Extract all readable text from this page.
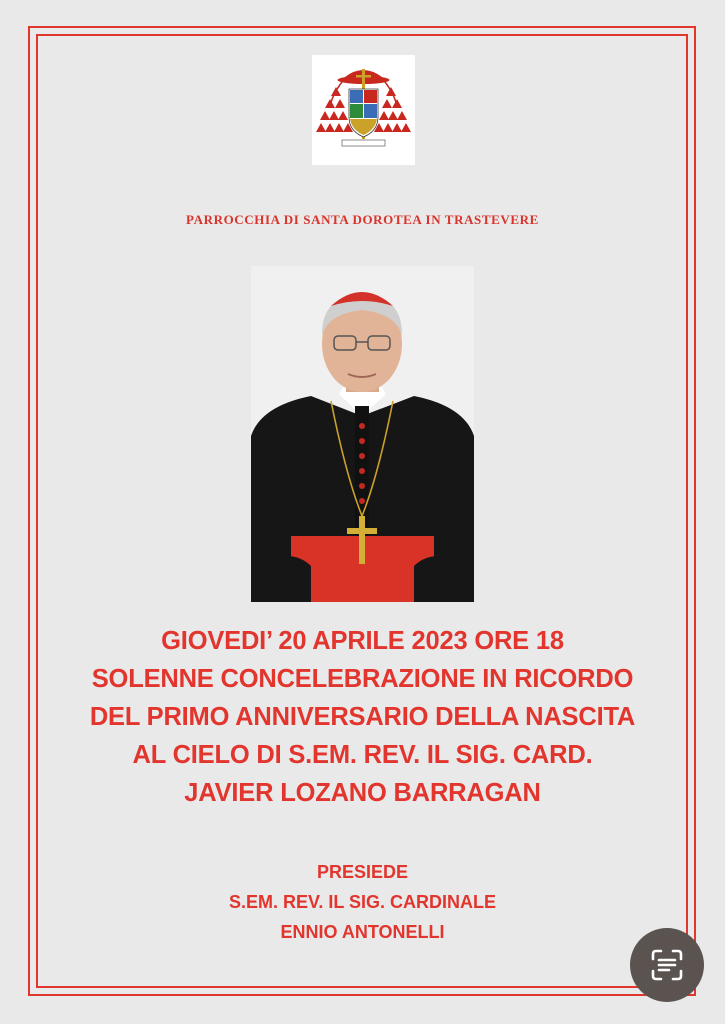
PARROCCHIA DI SANTA DOROTEA IN TRASTEVERE
GIOVEDI’ 20 APRILE 2023 ORE 18
SOLENNE CONCELEBRAZIONE IN RICORDO
DEL PRIMO ANNIVERSARIO DELLA NASCITA
AL CIELO DI S.EM. REV. IL SIG. CARD.
JAVIER LOZANO BARRAGAN
PRESIEDE
S.EM. REV. IL SIG. CARDINALE
ENNIO ANTONELLI
